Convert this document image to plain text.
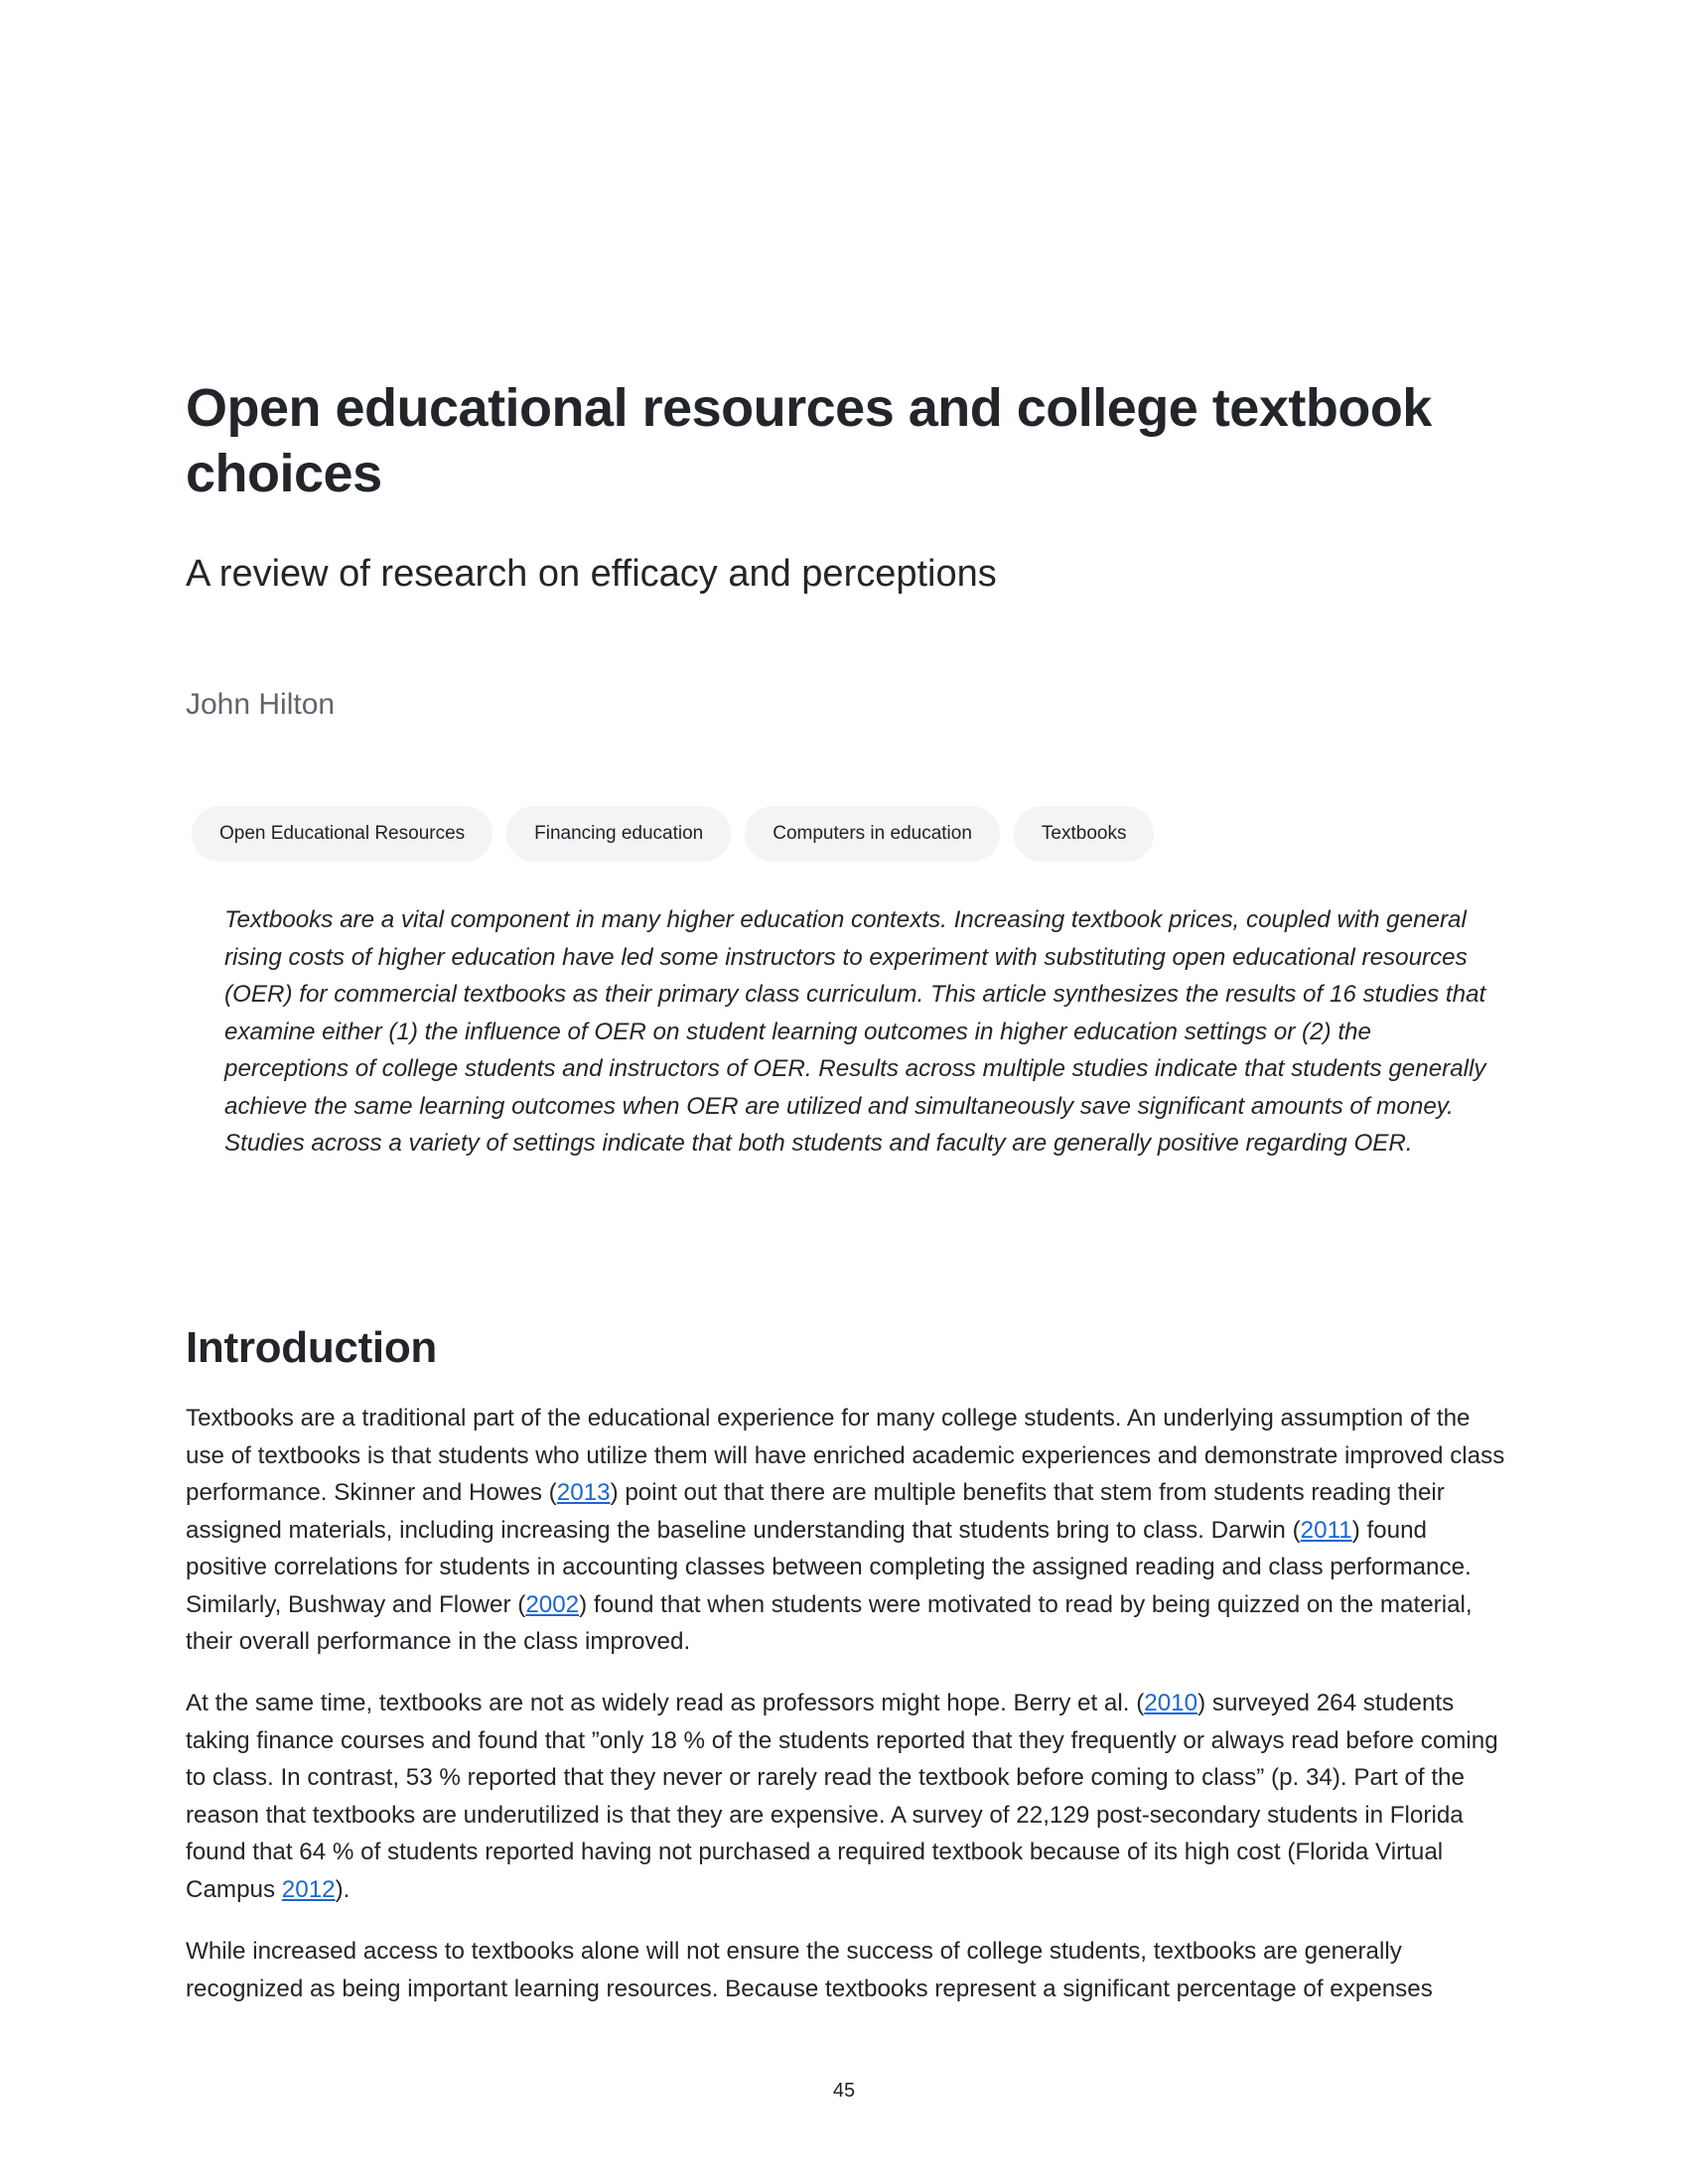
Open educational resources and college textbook choices
A review of research on efficacy and perceptions
John Hilton
Open Educational Resources	Financing education	Computers in education	Textbooks

Textbooks are a vital component in many higher education contexts. Increasing textbook prices, coupled with general rising costs of higher education have led some instructors to experiment with substituting open educational resources (OER) for commercial textbooks as their primary class curriculum. This article synthesizes the results of 16 studies that examine either (1) the influence of OER on student learning outcomes in higher education settings or (2) the perceptions of college students and instructors of OER. Results across multiple studies indicate that students generally achieve the same learning outcomes when OER are utilized and simultaneously save significant amounts of money. Studies across a variety of settings indicate that both students and faculty are generally positive regarding OER.

Introduction

Textbooks are a traditional part of the educational experience for many college students. An underlying assumption of the use of textbooks is that students who utilize them will have enriched academic experiences and demonstrate improved class performance. Skinner and Howes (2013) point out that there are multiple benefits that stem from students reading their assigned materials, including increasing the baseline understanding that students bring to class. Darwin (2011) found positive correlations for students in accounting classes between completing the assigned reading and class performance. Similarly, Bushway and Flower (2002) found that when students were motivated to read by being quizzed on the material, their overall performance in the class improved.

At the same time, textbooks are not as widely read as professors might hope. Berry et al. (2010) surveyed 264 students taking finance courses and found that ”only 18 % of the students reported that they frequently or always read before coming to class. In contrast, 53 % reported that they never or rarely read the textbook before coming to class” (p. 34). Part of the reason that textbooks are underutilized is that they are expensive. A survey of 22,129 post-secondary students in Florida found that 64 % of students reported having not purchased a required textbook because of its high cost (Florida Virtual Campus 2012).

While increased access to textbooks alone will not ensure the success of college students, textbooks are generally recognized as being important learning resources. Because textbooks represent a significant percentage of expenses

45
